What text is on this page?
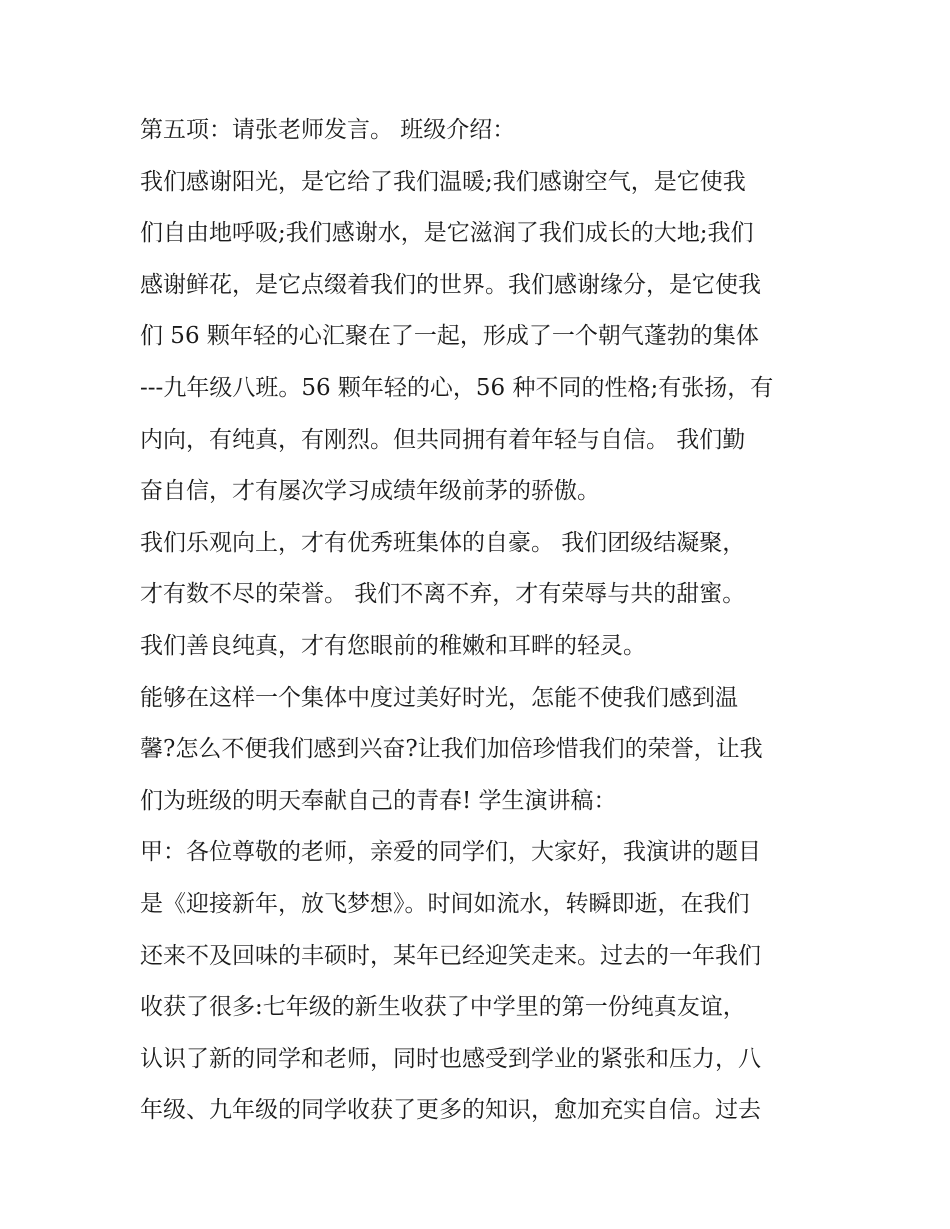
第五项：请张老师发言。 班级介绍：
我们感谢阳光，是它给了我们温暖;我们感谢空气，是它使我
们自由地呼吸;我们感谢水，是它滋润了我们成长的大地;我们
感谢鲜花，是它点缀着我们的世界。我们感谢缘分，是它使我
们 56 颗年轻的心汇聚在了一起，形成了一个朝气蓬勃的集体
---九年级八班。56 颗年轻的心，56 种不同的性格;有张扬，有
内向，有纯真，有刚烈。但共同拥有着年轻与自信。 我们勤
奋自信，才有屡次学习成绩年级前茅的骄傲。
我们乐观向上，才有优秀班集体的自豪。 我们团级结凝聚，
才有数不尽的荣誉。 我们不离不弃，才有荣辱与共的甜蜜。
我们善良纯真，才有您眼前的稚嫩和耳畔的轻灵。
能够在这样一个集体中度过美好时光，怎能不使我们感到温
馨?怎么不便我们感到兴奋?让我们加倍珍惜我们的荣誉，让我
们为班级的明天奉献自己的青春! 学生演讲稿：
甲：各位尊敬的老师，亲爱的同学们，大家好，我演讲的题目
是《迎接新年，放飞梦想》。时间如流水，转瞬即逝，在我们
还来不及回味的丰硕时，某年已经迎笑走来。过去的一年我们
收获了很多:七年级的新生收获了中学里的第一份纯真友谊，
认识了新的同学和老师，同时也感受到学业的紧张和压力，八
年级、九年级的同学收获了更多的知识，愈加充实自信。过去
